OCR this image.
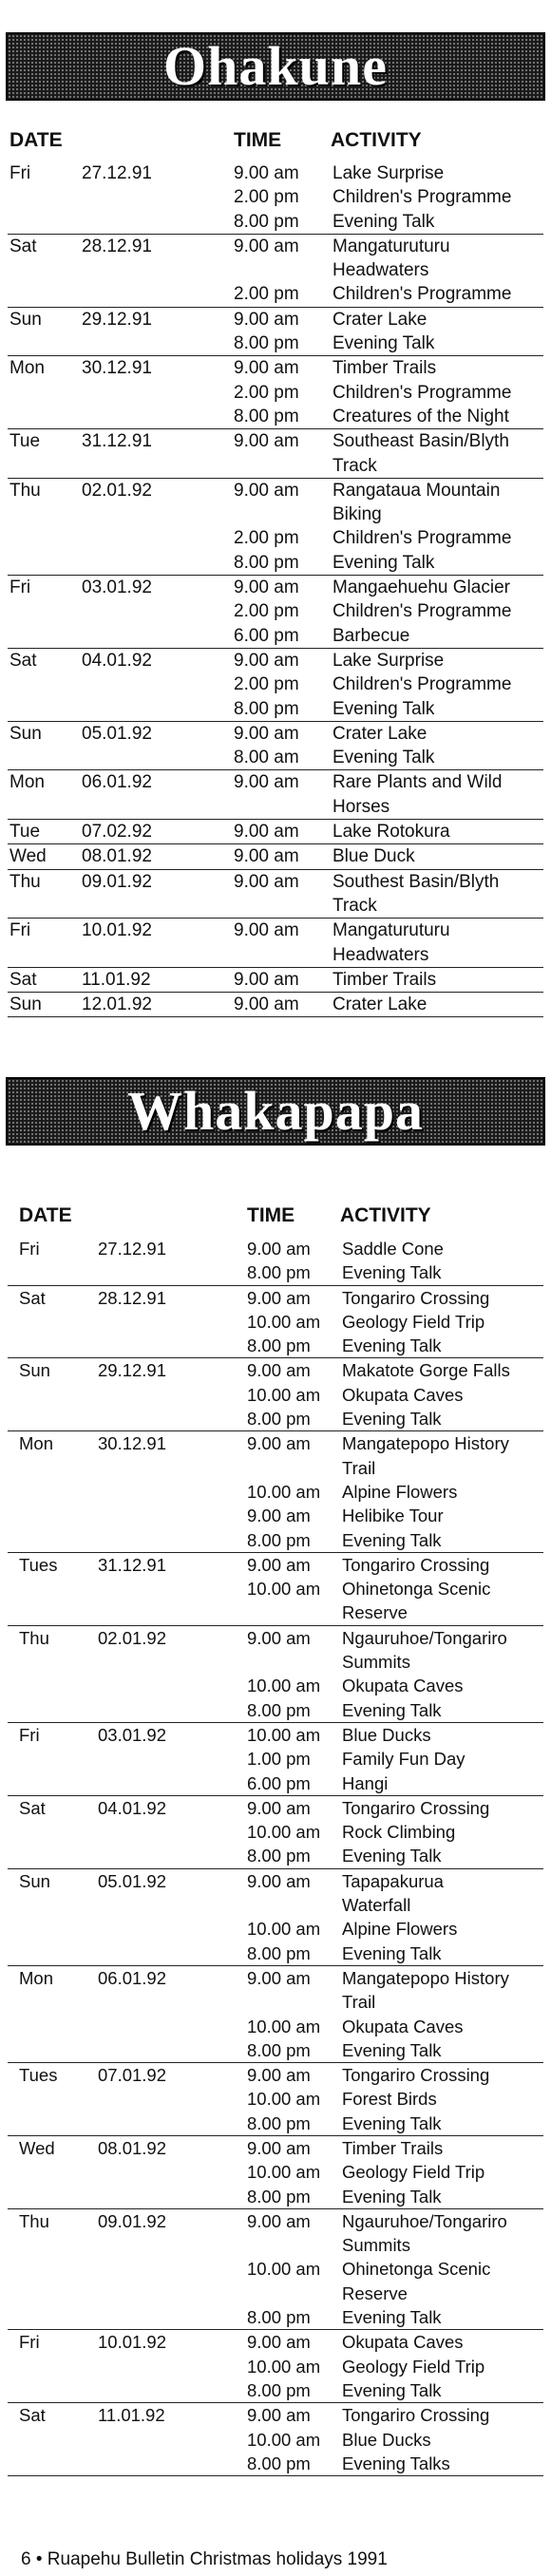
Ohakune
DATE	TIME ACTIVITY
Fri	27.12.91	9.00 am Lake Surprise
2.00 pm Children's Programme
8.00 pm Evening Talk
Sat 28.12.91	9.00 am Mangaturuturu
Headwaters
2.00 pm Children's Programme
Sun 29.12.91	9.00 am Crater Lake
8.00 pm Evening Talk
Mon 30.12.91	9.00 am Timber Trails
2.00 pm Children's Programme
8.00 pm Creatures of the Night
Tue 31.12.91	9.00 am Southeast Basin/Blyth
Track
Thu 02.01.92	9.00 am Rangataua Mountain
Biking
2.00 pm Children's Programme
8.00 pm Evening Talk
Fri	03.01.92	9.00 am Mangaehuehu Glacier
2.00 pm Children's Programme
6.00 pm Barbecue
Sat 04.01.92	9.00 am Lake Surprise
2.00 pm Children's Programme
8.00 pm Evening Talk
Sun 05.01.92	9.00 am Crater Lake
8.00 am Evening Talk
Mon 06.01.92	9.00 am Rare Plants and Wild
Horses
Tue 07.02.92	9.00 am Lake Rotokura
Wed 08.01.92	9.00 am Blue Duck
Thu 09.01.92	9.00 am Southest Basin/Blyth
Track
Fri	10.01.92	9.00 am Mangaturuturu
Headwaters
Sat 11.01.92	9.00 am Timber Trails
Sun 12.01.92	9.00 am Crater Lake
Whakapapa
DATE	TIME ACTIVITY
Fri	27.12.91	9.00 am Saddle Cone
8.00 pm Evening Talk
Sat	28.12.91	9.00 am Tongariro Crossing
10.00 am Geology Field Trip
8.00 pm Evening Talk
Sun	29.12.91	9.00 am Makatote Gorge Falls
10.00 am Okupata Caves
8.00 pm Evening Talk
Mon	30.12.91	9.00 am Mangatepopo History
Trail
10.00 am Alpine Flowers
9.00 am Helibike Tour
8.00 pm Evening Talk
Tues 31.12.91	9.00 am Tongariro Crossing
10.00 am Ohinetonga Scenic
Reserve
Thu	02.01.92	9.00 am Ngauruhoe/Tongariro
Summits
10.00 am Okupata Caves
8.00 pm Evening Talk
Fri	03.01.92	10.00 am Blue Ducks
1.00 pm Family Fun Day
6.00 pm Hangi
Sat	04.01.92	9.00 am Tongariro Crossing
10.00 am Rock Climbing
8.00 pm Evening Talk
Sun	05.01.92	9.00 am Tapapakurua
Waterfall
10.00 am Alpine Flowers
8.00 pm Evening Talk
Mon	06.01.92	9.00 am Mangatepopo History
Trail
10.00 am Okupata Caves
8.00 pm Evening Talk
Tues 07.01.92	9.00 am Tongariro Crossing
10.00 am Forest Birds
8.00 pm Evening Talk
Wed 08.01.92	9.00 am Timber Trails
10.00 am Geology Field Trip
8.00 pm Evening Talk
Thu	09.01.92	9.00 am Ngauruhoe/Tongariro
Summits
10.00 am Ohinetonga Scenic
Reserve
8.00 pm Evening Talk
Fri	10.01.92	9.00 am Okupata Caves
10.00 am Geology Field Trip
8.00 pm Evening Talk
Sat	11.01.92	9.00 am Tongariro Crossing
10.00 am Blue Ducks
8.00 pm Evening Talks
6 • Ruapehu Bulletin Christmas holidays 1991
